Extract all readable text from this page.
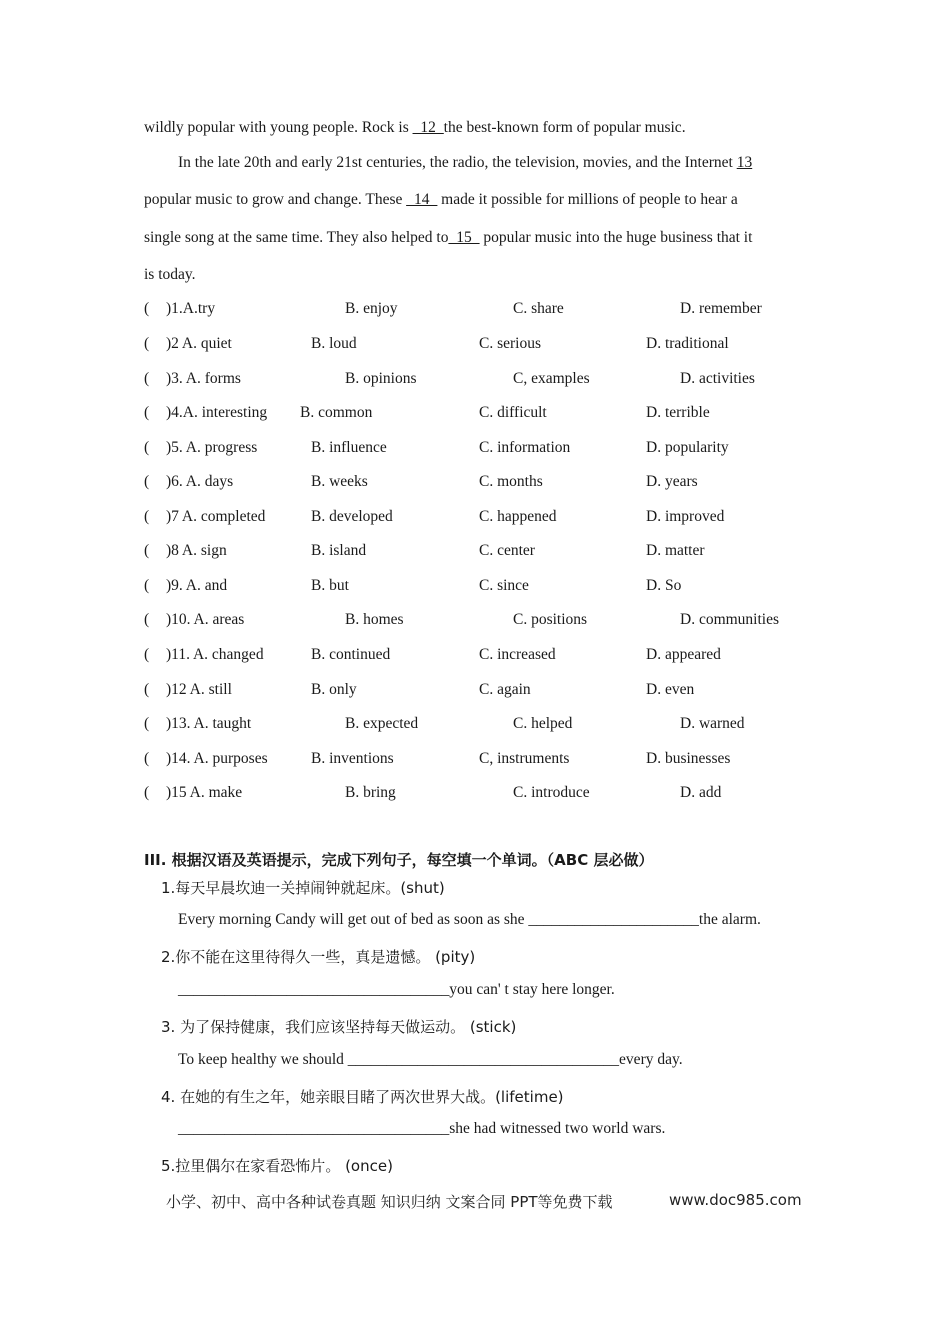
wildly popular with young people. Rock is _12_the best-known form of popular music.
In the late 20th and early 21st centuries, the radio, the television, movies, and the Internet 13
popular music to grow and change. These _14_ made it possible for millions of people to hear a
single song at the same time. They also helped to_15_ popular music into the huge business that it
is today.
( )1.A.try	B. enjoy	C. share	D. remember
( )2 A. quiet	B. loud	C. serious	D. traditional
( )3. A. forms	B. opinions	C, examples	D. activities
( )4.A. interesting B. common	C. difficult	D. terrible
( )5. A. progress	B. influence	C. information	D. popularity
( )6. A. days	B. weeks	C. months	D. years
( )7 A. completed	B. developed	C. happened	D. improved
( )8 A. sign	B. island	C. center	D. matter
( )9. A. and	B. but	C. since	D. So
( )10. A. areas	B. homes	C. positions	D. communities
( )11. A. changed	B. continued	C. increased	D. appeared
( )12 A. still	B. only	C. again	D. even
( )13. A. taught	B. expected	C. helped	D. warned
( )14. A. purposes	B. inventions	C, instruments	D. businesses
( )15 A. make	B. bring	C. introduce	D. add
III. 根据汉语及英语提示，完成下列句子，每空填一个单词。（ABC 层必做）
1.每天早晨坎迪一关掉闹钟就起床。(shut)
Every morning Candy will get out of bed as soon as she ______________________the alarm.
2.你不能在这里待得久一些，真是遗憾。 (pity)
___________________________________you can' t stay here longer.
3. 为了保持健康，我们应该坚持每天做运动。 (stick)
To keep healthy we should ___________________________________every day.
4. 在她的有生之年，她亲眼目睹了两次世界大战。(lifetime)
___________________________________she had witnessed two world wars.
5.拉里偶尔在家看恐怖片。 (once)
小学、初中、高中各种试卷真题 知识归纳 文案合同 PPT等免费下载	www.doc985.com
